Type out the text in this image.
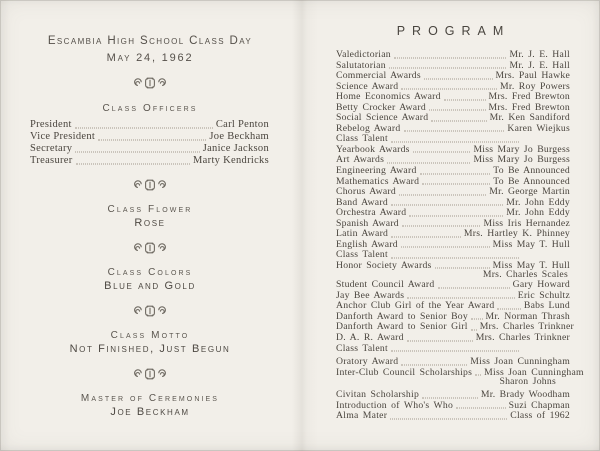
Escambia High School Class Day
May 24, 1962
Class Officers
President	Carl Penton
Vice President	Joe Beckham
Secretary	Janice Jackson
Treasurer	Marty Kendricks
Class Flower
Rose
Class Colors
Blue and Gold
Class Motto
Not Finished, Just Begun
Master of Ceremonies
Joe Beckham
PROGRAM
Valedictorian	Mr. J. E. Hall
Salutatorian	Mr. J. E. Hall
Commercial Awards	Mrs. Paul Hawke
Science Award	Mr. Roy Powers
Home Economics Award	Mrs. Fred Brewton
Betty Crocker Award	Mrs. Fred Brewton
Social Science Award	Mr. Ken Sandiford
Rebelog Award	Karen Wiejkus
Class Talent
Yearbook Awards	Miss Mary Jo Burgess
Art Awards	Miss Mary Jo Burgess
Engineering Award	To Be Announced
Mathematics Award	To Be Announced
Chorus Award	Mr. George Martin
Band Award	Mr. John Eddy
Orchestra Award	Mr. John Eddy
Spanish Award	Miss Iris Hernandez
Latin Award	Mrs. Hartley K. Phinney
English Award	Miss May T. Hull
Class Talent
Honor Society Awards	Miss May T. Hull
Mrs. Charles Scales
Student Council Award	Gary Howard
Jay Bee Awards	Eric Schultz
Anchor Club Girl of the Year Award	Babs Lund
Danforth Award to Senior Boy Mr. Norman Thrash
Danforth Award to Senior Girl Mrs. Charles Trinkner
D. A. R. Award	Mrs. Charles Trinkner
Class Talent
Oratory Award	Miss Joan Cunningham
Inter-Club Council Scholarships Miss Joan Cunningham
Sharon Johns
Civitan Scholarship	Mr. Brady Woodham
Introduction of Who's Who	Suzi Chapman
Alma Mater	Class of 1962
